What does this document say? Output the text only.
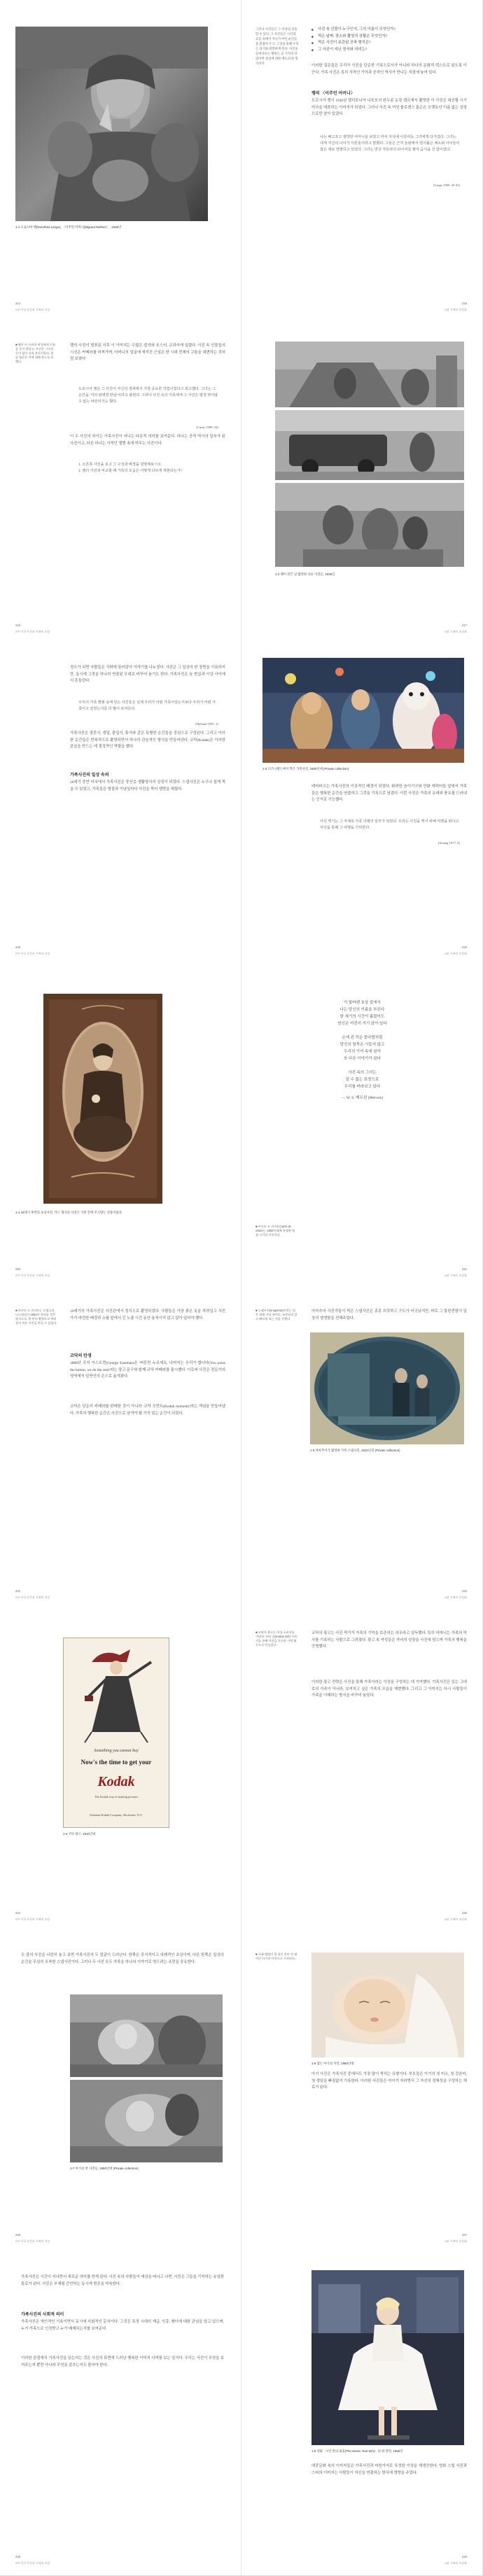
1-1 도로시아 랭(Dorothea Lange), 〈이주민 어머니(Migrant Mother)〉, 1936년
2부 미국 사진과 가족의 초상
214
그러나 사진들은 그 이상의 것을 할 수 있다. 그 사진들은 시간의 흐름 속에서 지나가 버린 순간들을 붙잡아 두고, 그것을 통해 우리는 과거와 대면하게 된다. 사진을 들여다보는 행위는 곧 기억의 작업이며 상실에 대한 애도의 한 형식이다.
■ 사진 속 인물이 누구인지, 그의 이름이 무엇인가?
■ 찍은 날짜, 장소와 촬영의 상황은 무엇인가?
■ 찍은 사진이 보관된 곳과 형식은?
■ 그 사진이 지닌 정서와 의미는?
이러한 질문들은 우리가 사진을 단순한 기록으로서가 아니라 하나의 문화적 텍스트로 읽도록 이끈다. 가족 사진은 특히 사적인 기억과 공적인 역사가 만나는 지점에 놓여 있다.
랭의 〈이주민 어머니〉
도로시아 랭이 1936년 캘리포니아 니포모의 완두콩 농장 캠프에서 촬영한 이 사진은 대공황 시기 미국을 대표하는 이미지가 되었다. 그러나 사진 속 여성 플로렌스 톰슨은 오랫동안 이름 없는 상징으로만 남아 있었다.
나는 배고프고 절박한 어머니를 보았고 마치 자석에 이끌리듯 그녀에게 다가갔다. 그녀는 내게 자신의 나이가 서른둘이라고 말했다. 그들은 근처 들판에서 얼어붙은 채소와 아이들이 잡은 새로 연명하고 있었다. 그녀는 방금 자동차의 타이어를 팔아 음식을 산 참이었다.
(Lange 1960: 42-43)
6장 가족의 초상화
215
■ 랭은 이 사진의 여성에게 이름을 묻지 않았고, 사진은 그녀의 동의 없이 널리 유포되었다. 훗날 톰슨은 이에 대해 분노를 표했다.
랭의 사진이 발표된 이후 이 이미지는 수많은 잡지와 포스터, 교과서에 실렸다. 사진 속 인물들의 시선은 카메라를 비껴가며, 어머니의 얼굴에 새겨진 근심은 한 시대 전체의 고통을 대변하는 것처럼 보였다.
도로시아 랭은 그 사진이 자신의 생애에서 가장 중요한 작업이었다고 회고했다. 그녀는 그 순간을 '거의 완벽한 만남'이라고 불렀다. 그러나 사진 속의 가족에게 그 사진은 평생 벗어날 수 없는 낙인이기도 했다.
(Curtis 1989: 54)
이 두 사진의 차이는 가족사진이 지니는 다층적 의미를 보여준다. 하나는 공적 역사의 일부가 된 사진이고, 다른 하나는 사적인 앨범 속에 머무는 사진이다.
1. 오른쪽 사진을 보고 그 구성과 배경을 설명해보시오.
2. 랭의 사진과 비교할 때 가족의 모습은 어떻게 다르게 재현되는가?
2부 미국 사진과 가족의 초상
216
1-2 랭이 같은 날 촬영한 다른 사진들, 1936년
6장 가족의 초상화
217
정오가 되면 사람들은 식탁에 둘러앉아 이야기를 나누었다. 사진은 그 일상의 한 장면을 기록하지만, 동시에 그것을 하나의 연출된 무대로 바꾸어 놓기도 한다. 가족사진은 늘 현실과 이상 사이에서 흔들린다.
우리의 가족 앨범 속에 있는 사진들은 실제 우리가 어떤 가족이었는지보다 우리가 어떤 가족이고 싶었는지를 더 많이 보여준다.
(Holland 1991: 1)
가족사진은 결혼식, 생일, 졸업식, 휴가와 같은 특별한 순간들을 중심으로 구성된다. 그리고 이러한 순간들은 반복적으로 촬영되면서 하나의 관습적인 형식을 만들어낸다. 코닥(Kodak)은 이러한 관습을 만드는 데 결정적인 역할을 했다.
가족사진의 일상 속의
20세기 중반 미국에서 가족사진은 중산층 생활양식의 상징이 되었다. 스냅사진은 누구나 쉽게 찍을 수 있었고, 가족들은 명절과 기념일마다 사진을 찍어 앨범을 채웠다.
2부 미국 사진과 가족의 초상
218
1-3 디즈니랜드에서 찍은 가족사진, 1960년대 (Private collection)
테마파크는 가족사진의 이상적인 배경이 되었다. 화려한 놀이기구와 만화 캐릭터들 앞에서 가족들은 행복한 순간을 연출하고 그것을 기록으로 남겼다. 이런 사진은 가족의 유대와 풍요를 드러내는 증거로 기능했다.
사진 찍기는 그 자체로 가족 의례의 일부가 되었다. 우리는 사진을 찍기 위해 여행을 떠나고 사진을 통해 그 여행을 기억한다.
(Sontag 1977: 9)
6장 가족의 초상화
219
1-4 19세기 후반의 초상사진. 카드 형식의 사진은 가족 간에 주고받는 선물이었다.
2부 미국 사진과 가족의 초상
220
이 빛바랜 초상 앞에서
나는 당신의 이름을 부른다
한 세기의 시간이 흘렀어도
당신은 여전히 거기 앉아 있다
손에 쥔 작은 꽃다발처럼
당신의 침묵은 시들지 않고
우리의 기억 속에 남아
또 다른 이야기가 된다
사진 속의 그녀는
알 수 없는 표정으로
우리를 바라보고 있다
— W. S. 메르윈 (Merwin)
■ 카르트 드 비지트(carte de visite)는 1850년대에 유행한 명함 크기의 사진이다.
6장 가족의 초상화
221
■ 카르트 드 비지트는 프랑스의 디스데리가 1854년 특허를 얻은 방식으로, 한 번의 촬영으로 여러 장의 작은 사진을 만들 수 있었다.
19세기의 가족사진은 사진관에서 정식으로 촬영되었다. 사람들은 가장 좋은 옷을 차려입고 사진가가 마련한 배경과 소품 앞에서 긴 노출 시간 동안 움직이지 않고 앉아 있어야 했다.
코닥의 탄생
1888년 조지 이스트먼(George Eastman)은 '버튼만 누르세요, 나머지는 우리가 합니다(You press the button, we do the rest)'라는 광고 문구와 함께 코닥 카메라를 출시했다. 이로써 사진은 전문가의 영역에서 일반인의 손으로 옮겨왔다.
코닥은 단순히 카메라를 판매한 것이 아니라 '코닥 모먼트(Kodak moment)'라는 개념을 만들어냈다. 가족의 행복한 순간은 사진으로 남겨야 할 가치 있는 순간이 되었다.
2부 미국 사진과 가족의 초상
222
■ 스냅사진(snapshot)이라는 말은 원래 사냥 용어로, 조준하지 않고 빠르게 쏘는 것을 뜻했다.
아마추어 사진가들이 찍은 스냅사진은 종종 흐릿하고 구도가 어긋났지만, 바로 그 불완전함이 일상의 생생함을 전해주었다.
1-5 아마추어가 촬영한 가족 스냅사진, 1910년경 (Private collection)
6장 가족의 초상화
223
Something you cannot buy
Now's the time to get your
Kodak
The Kodak way of making pictures
Eastman Kodak Company, Rochester, N.Y.
1-6 코닥 광고, 1910년대
2부 미국 사진과 가족의 초상
224
■ 코닥의 광고는 여성 소비자를 겨냥한 '코닥 걸(Kodak Girl)' 이미지를 통해 사진을 친숙한 가정 활동으로 만들었다.
코닥의 광고는 사진 찍기가 가족의 기억을 보존하는 의무라고 설득했다. 특히 어머니는 가족의 역사를 기록하는 사람으로 그려졌다. 광고 속 여성들은 자녀의 성장을 사진에 담으며 가족의 행복을 증명했다.
이러한 광고 전략은 사진을 통해 가족이라는 이상을 구성하는 데 기여했다. 가족사진은 있는 그대로의 가족이 아니라, 보여지고 싶은 가족의 모습을 재현했다. 그리고 그 이미지는 다시 사람들이 가족을 이해하는 방식을 바꾸어 놓았다.
6장 가족의 초상화
225
두 장의 사진을 나란히 놓고 보면 가족사진의 두 얼굴이 드러난다. 한쪽은 공식적이고 의례적인 초상이며, 다른 한쪽은 일상의 순간을 무심히 포착한 스냅사진이다. 그러나 두 사진 모두 가족을 하나의 이야기로 엮으려는 욕망을 공유한다.
1-7 아기의 첫 사진들, 1950년대 (Private collection)
2부 미국 사진과 가족의 초상
226
■ 가족 앨범의 첫 장은 흔히 갓 태어난 아기의 사진으로 시작된다.
1-8 잠든 아기의 사진, 1980년대
아기 사진은 가족사진 중에서도 가장 많이 찍히는 유형이다. 부모들은 아기의 첫 미소, 첫 걸음마, 첫 생일을 빠짐없이 기록한다. 이러한 사진들은 아이가 자라면서 그 자신의 정체성을 구성하는 재료가 된다.
6장 가족의 초상화
227
가족사진은 시간이 지나면서 새로운 의미를 얻게 된다. 사진 속의 사람들이 세상을 떠나고 나면, 사진은 그들을 기억하는 유일한 통로가 된다. 사진은 부재를 증언하는 동시에 현존을 약속한다.
가족사진의 사회적 의미
가족사진은 개인적인 기록이면서 동시에 사회적인 문서이다. 그것은 특정 시대의 계급, 인종, 젠더에 대한 관념을 담고 있으며, 누가 가족으로 인정받고 누가 배제되는지를 보여준다.
이러한 관점에서 가족사진을 읽는다는 것은 사진의 표면에 드러난 행복한 이미지 너머를 보는 일이다. 우리는 사진이 무엇을 보여주는지 뿐만 아니라 무엇을 감추는지도 물어야 한다.
2부 미국 사진과 가족의 초상
228
1-9 영화 〈7년 만의 외출(The Seven Year Itch)〉의 한 장면, 1955년
대중문화 속의 이미지들은 가족사진과 마찬가지로 특정한 이상을 재생산한다. 영화 스틸 사진과 스타의 이미지는 사람들이 자신을 연출하는 방식에 영향을 주었다.
6장 가족의 초상화
229
